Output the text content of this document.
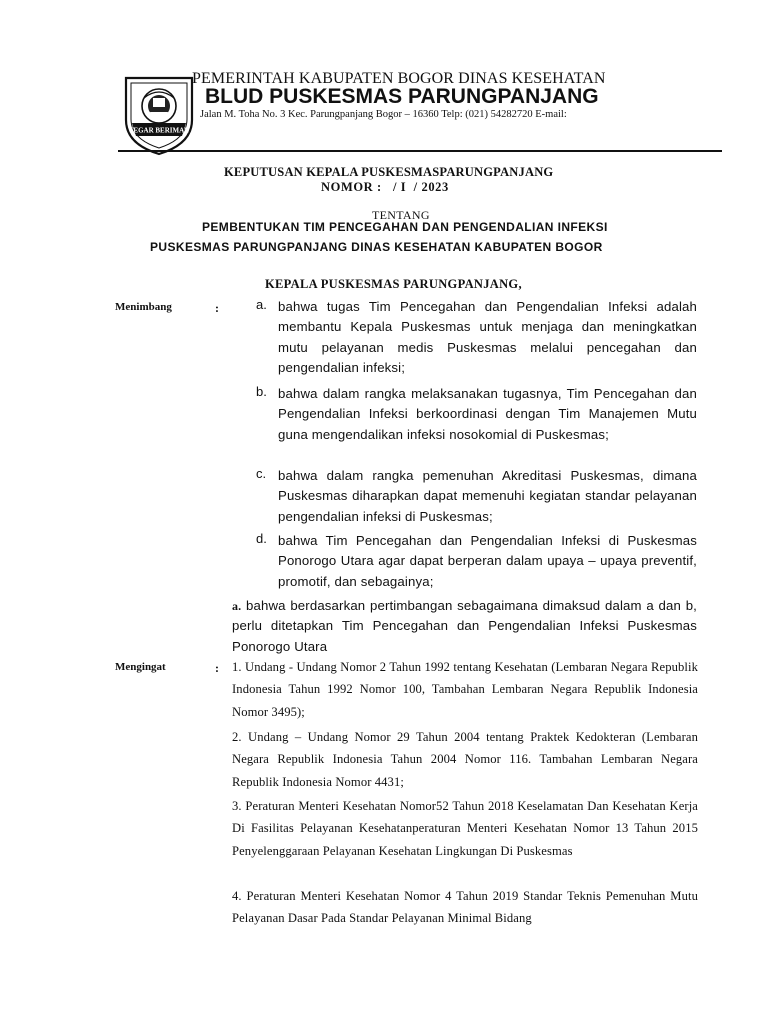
TEGAR BERIMAN
PEMERINTAH KABUPATEN BOGOR DINAS KESEHATAN
BLUD PUSKESMAS PARUNGPANJANG
Jalan M. Toha No. 3 Kec. Parungpanjang Bogor – 16360 Telp: (021) 54282720 E-mail:
KEPUTUSAN KEPALA PUSKESMASPARUNGPANJANG
NOMOR :   / I  / 2023
TENTANG
PEMBENTUKAN TIM PENCEGAHAN DAN PENGENDALIAN INFEKSI
PUSKESMAS PARUNGPANJANG DINAS KESEHATAN KABUPATEN BOGOR
KEPALA PUSKESMAS PARUNGPANJANG,
Menimbang	:	a. bahwa tugas Tim Pencegahan dan Pengendalian Infeksi adalah membantu Kepala Puskesmas untuk menjaga dan meningkatkan mutu pelayanan medis Puskesmas melalui pencegahan dan pengendalian infeksi;
b. bahwa dalam rangka melaksanakan tugasnya, Tim Pencegahan dan Pengendalian Infeksi berkoordinasi dengan Tim Manajemen Mutu guna mengendalikan infeksi nosokomial di Puskesmas;
c. bahwa dalam rangka pemenuhan Akreditasi Puskesmas, dimana Puskesmas diharapkan dapat memenuhi kegiatan standar pelayanan pengendalian infeksi di Puskesmas;
d. bahwa Tim Pencegahan dan Pengendalian Infeksi di Puskesmas Ponorogo Utara agar dapat berperan dalam upaya – upaya preventif, promotif, dan sebagainya;
a. bahwa berdasarkan pertimbangan sebagaimana dimaksud dalam a dan b, perlu ditetapkan Tim Pencegahan dan Pengendalian Infeksi Puskesmas Ponorogo Utara
Mengingat	: 1. Undang - Undang Nomor 2 Tahun 1992 tentang Kesehatan (Lembaran Negara Republik Indonesia Tahun 1992 Nomor 100, Tambahan Lembaran Negara Republik Indonesia Nomor 3495);
2. Undang – Undang Nomor 29 Tahun 2004 tentang Praktek Kedokteran (Lembaran Negara Republik Indonesia Tahun 2004 Nomor 116. Tambahan Lembaran Negara Republik Indonesia Nomor 4431;
3. Peraturan Menteri Kesehatan Nomor52 Tahun 2018 Keselamatan Dan Kesehatan Kerja Di Fasilitas Pelayanan Kesehatanperaturan Menteri Kesehatan Nomor 13 Tahun 2015 Penyelenggaraan Pelayanan Kesehatan Lingkungan Di Puskesmas
4. Peraturan Menteri Kesehatan Nomor 4 Tahun 2019 Standar Teknis Pemenuhan Mutu Pelayanan Dasar Pada Standar Pelayanan Minimal Bidang
